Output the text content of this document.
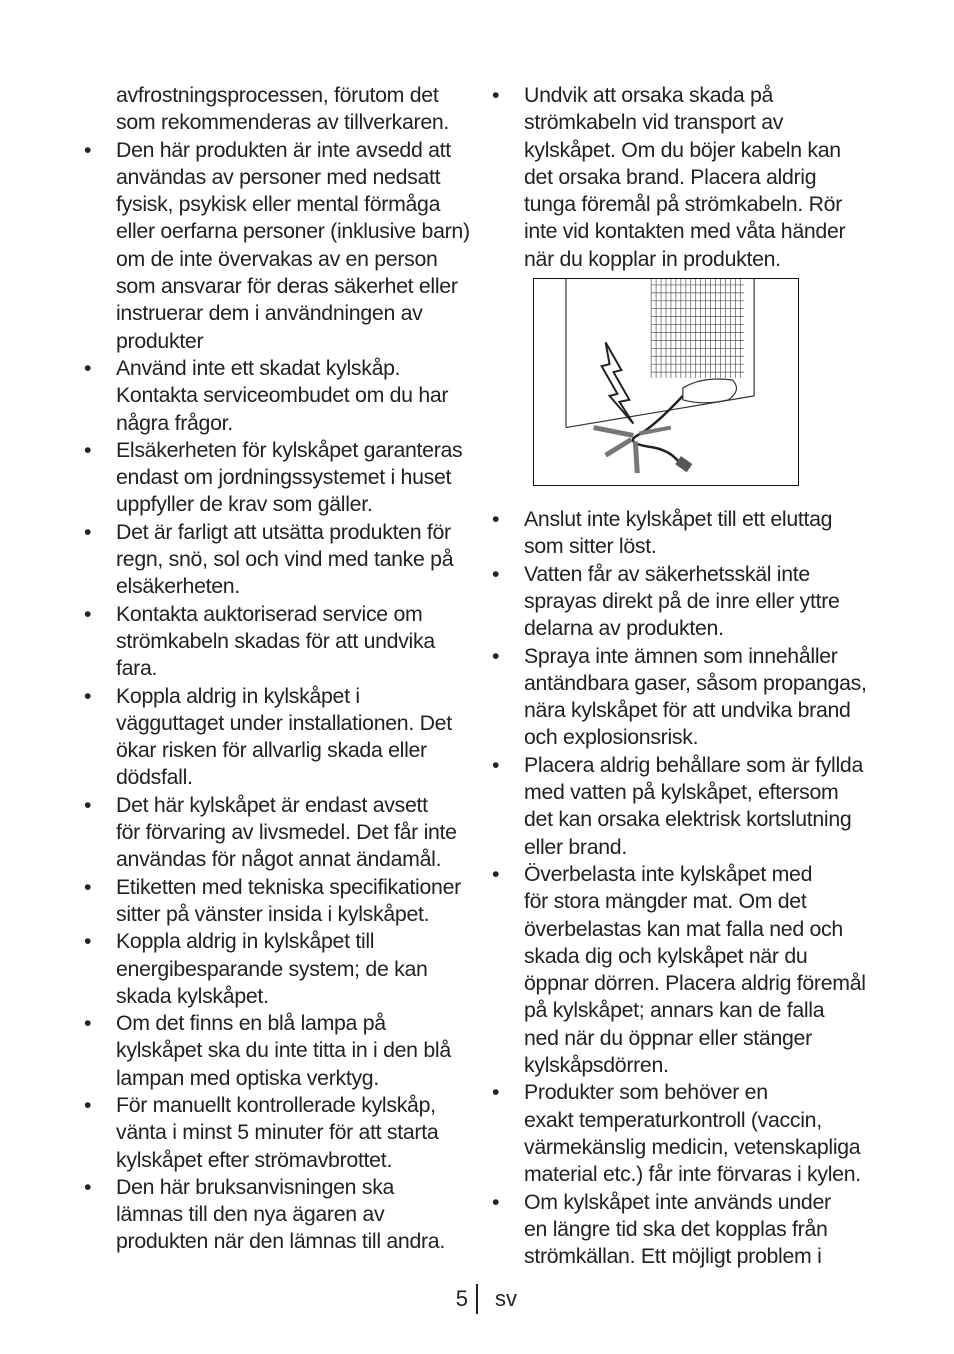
avfrostningsprocessen, förutom det
som rekommenderas av tillverkaren.
• Den här produkten är inte avsedd att
användas av personer med nedsatt
fysisk, psykisk eller mental förmåga
eller oerfarna personer (inklusive barn)
om de inte övervakas av en person
som ansvarar för deras säkerhet eller
instruerar dem i användningen av
produkter
• Använd inte ett skadat kylskåp.
Kontakta serviceombudet om du har
några frågor.
• Elsäkerheten för kylskåpet garanteras
endast om jordningssystemet i huset
uppfyller de krav som gäller.
• Det är farligt att utsätta produkten för
regn, snö, sol och vind med tanke på
elsäkerheten.
• Kontakta auktoriserad service om
strömkabeln skadas för att undvika
fara.
• Koppla aldrig in kylskåpet i
vägguttaget under installationen. Det
ökar risken för allvarlig skada eller
dödsfall.
• Det här kylskåpet är endast avsett
för förvaring av livsmedel. Det får inte
användas för något annat ändamål.
• Etiketten med tekniska specifikationer
sitter på vänster insida i kylskåpet.
• Koppla aldrig in kylskåpet till
energibesparande system; de kan
skada kylskåpet.
• Om det finns en blå lampa på
kylskåpet ska du inte titta in i den blå
lampan med optiska verktyg.
• För manuellt kontrollerade kylskåp,
vänta i minst 5 minuter för att starta
kylskåpet efter strömavbrottet.
• Den här bruksanvisningen ska
lämnas till den nya ägaren av
produkten när den lämnas till andra.
• Undvik att orsaka skada på
strömkabeln vid transport av
kylskåpet. Om du böjer kabeln kan
det orsaka brand. Placera aldrig
tunga föremål på strömkabeln. Rör
inte vid kontakten med våta händer
när du kopplar in produkten.
• Anslut inte kylskåpet till ett eluttag
som sitter löst.
• Vatten får av säkerhetsskäl inte
sprayas direkt på de inre eller yttre
delarna av produkten.
• Spraya inte ämnen som innehåller
antändbara gaser, såsom propangas,
nära kylskåpet för att undvika brand
och explosionsrisk.
• Placera aldrig behållare som är fyllda
med vatten på kylskåpet, eftersom
det kan orsaka elektrisk kortslutning
eller brand.
• Överbelasta inte kylskåpet med
för stora mängder mat. Om det
överbelastas kan mat falla ned och
skada dig och kylskåpet när du
öppnar dörren. Placera aldrig föremål
på kylskåpet; annars kan de falla
ned när du öppnar eller stänger
kylskåpsdörren.
• Produkter som behöver en
exakt temperaturkontroll (vaccin,
värmekänslig medicin, vetenskapliga
material etc.) får inte förvaras i kylen.
• Om kylskåpet inte används under
en längre tid ska det kopplas från
strömkällan. Ett möjligt problem i
5 sv
